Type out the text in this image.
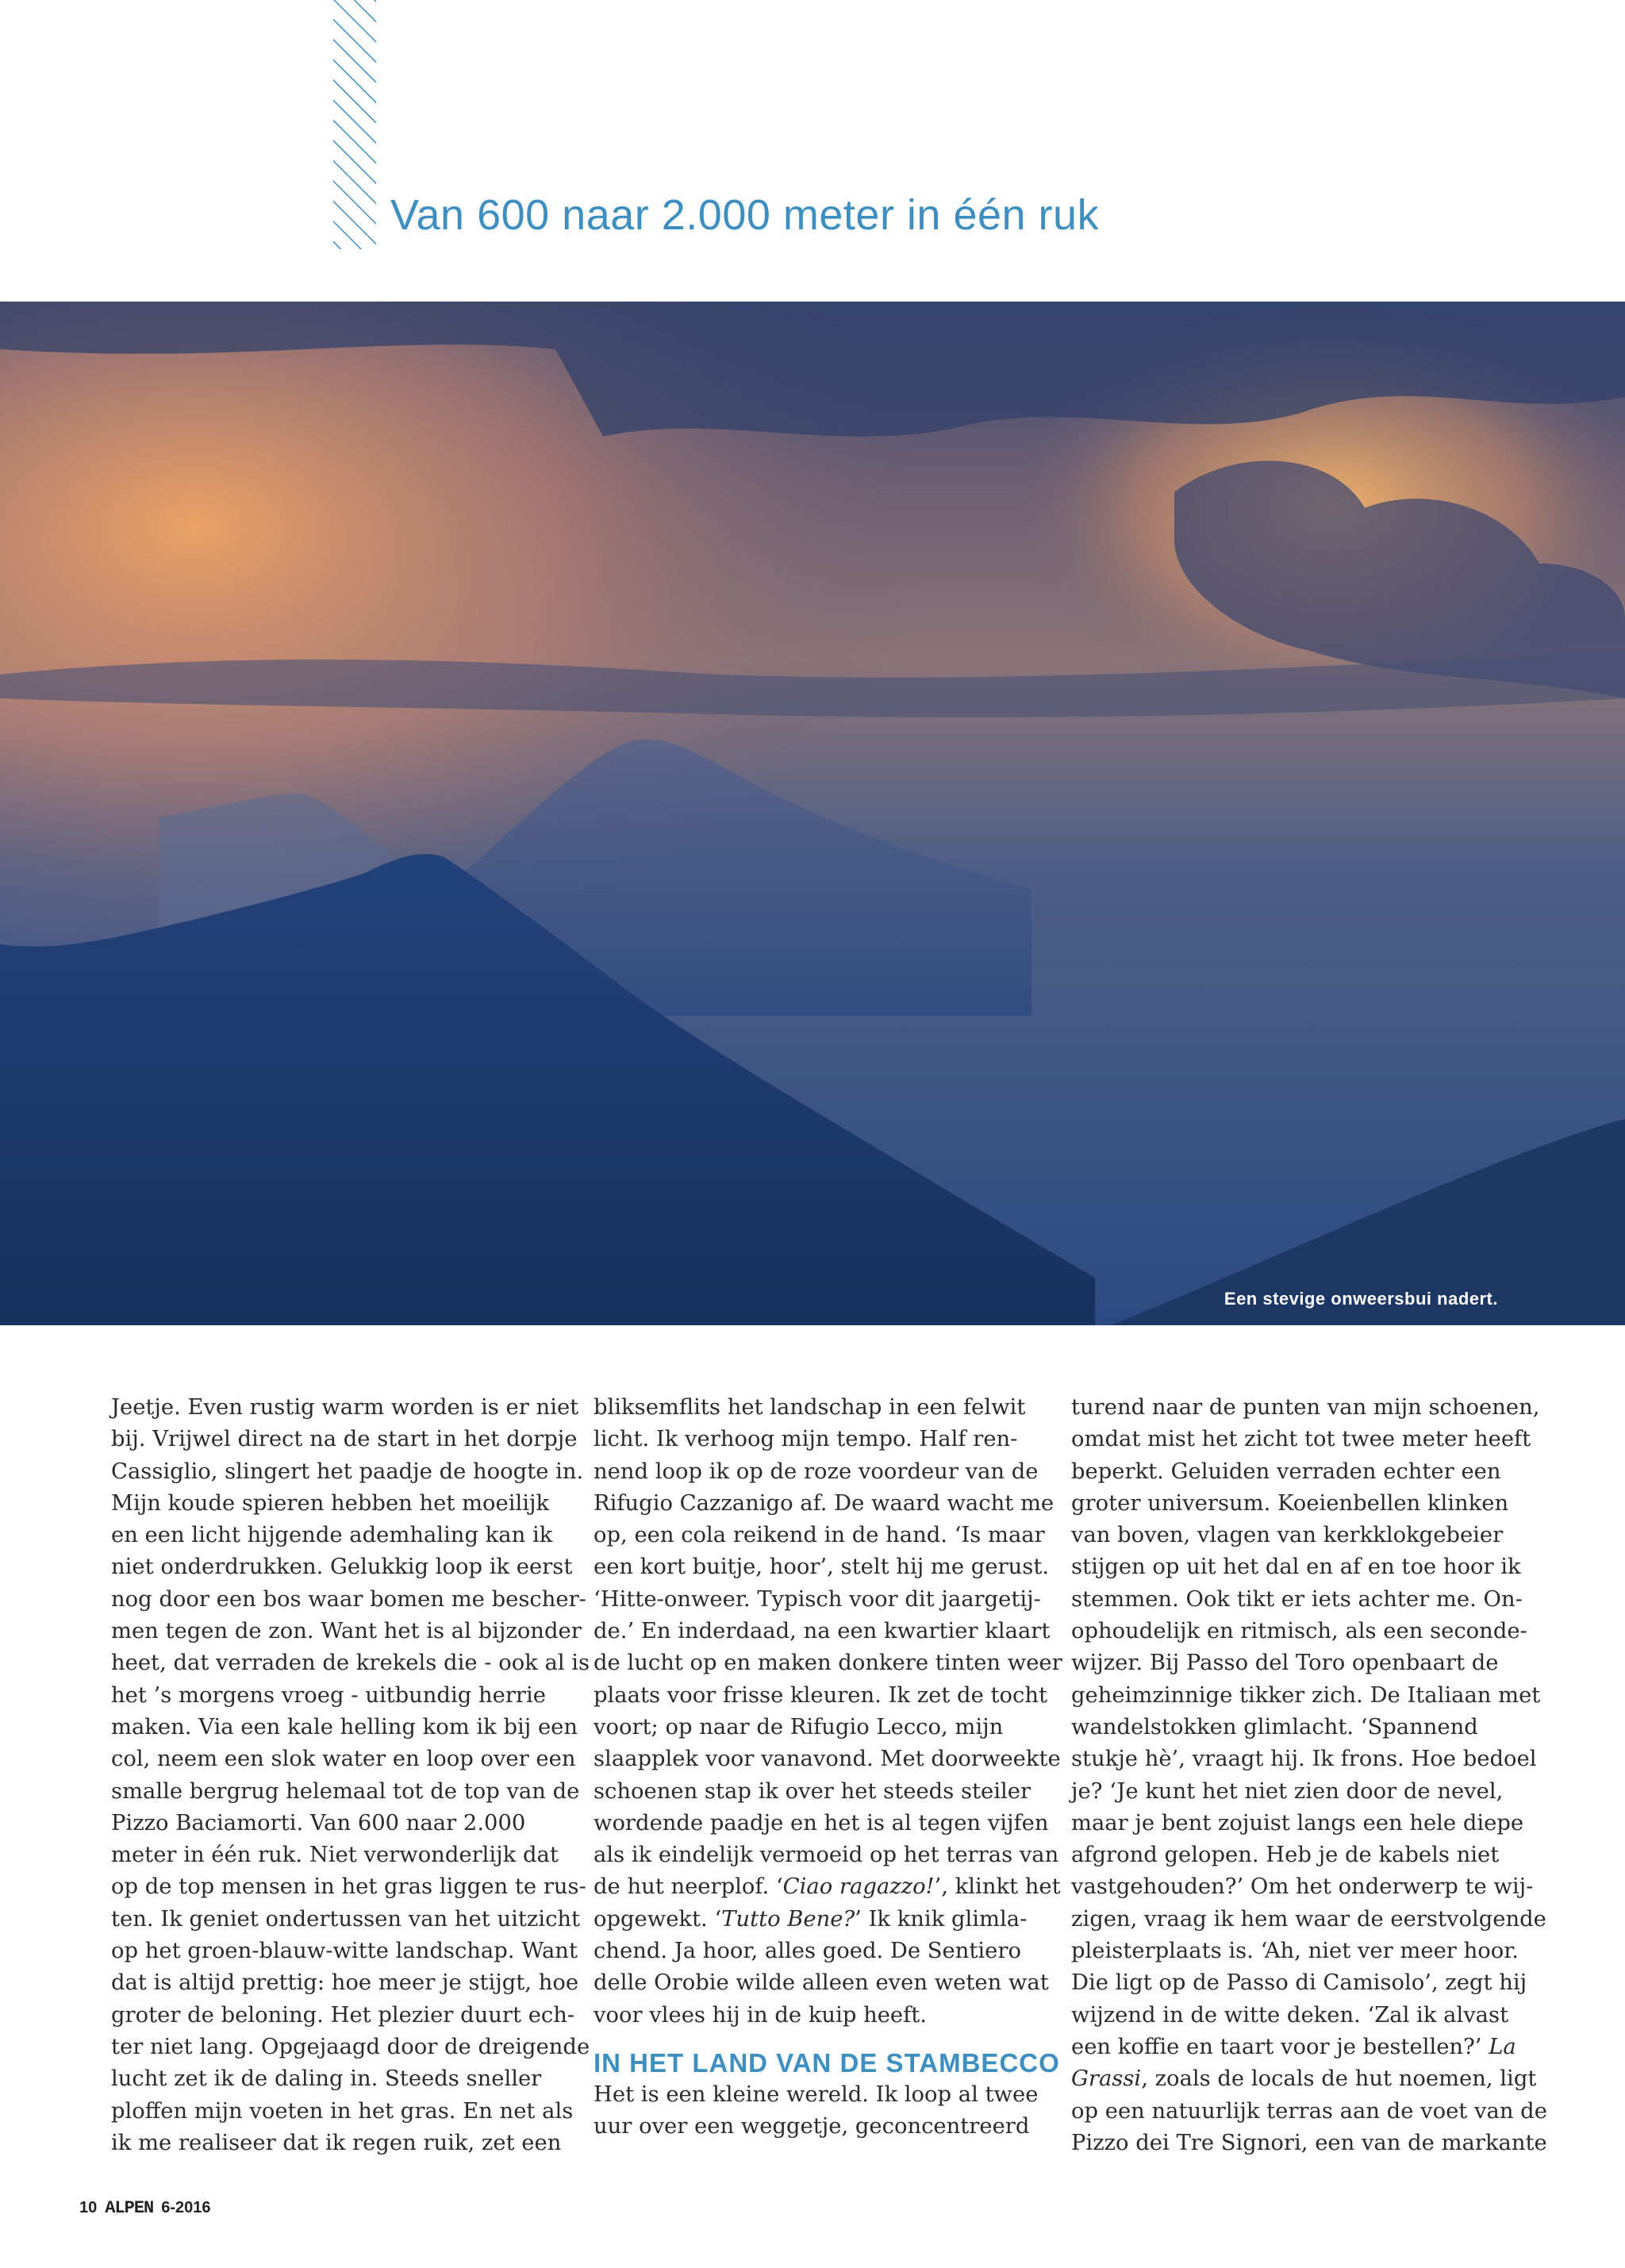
Van 600 naar 2.000 meter in één ruk
Een stevige onweersbui nadert.
Jeetje. Even rustig warm worden is er niet
bij. Vrijwel direct na de start in het dorpje
Cassiglio, slingert het paadje de hoogte in.
Mijn koude spieren hebben het moeilijk
en een licht hijgende ademhaling kan ik
niet onderdrukken. Gelukkig loop ik eerst
nog door een bos waar bomen me bescher-
men tegen de zon. Want het is al bijzonder
heet, dat verraden de krekels die - ook al is
het ’s morgens vroeg - uitbundig herrie
maken. Via een kale helling kom ik bij een
col, neem een slok water en loop over een
smalle bergrug helemaal tot de top van de
Pizzo Baciamorti. Van 600 naar 2.000
meter in één ruk. Niet verwonderlijk dat
op de top mensen in het gras liggen te rus-
ten. Ik geniet ondertussen van het uitzicht
op het groen-blauw-witte landschap. Want
dat is altijd prettig: hoe meer je stijgt, hoe
groter de beloning. Het plezier duurt ech-
ter niet lang. Opgejaagd door de dreigende
lucht zet ik de daling in. Steeds sneller
ploffen mijn voeten in het gras. En net als
ik me realiseer dat ik regen ruik, zet een
bliksemflits het landschap in een felwit
licht. Ik verhoog mijn tempo. Half ren-
nend loop ik op de roze voordeur van de
Rifugio Cazzanigo af. De waard wacht me
op, een cola reikend in de hand. ‘Is maar
een kort buitje, hoor’, stelt hij me gerust.
‘Hitte-onweer. Typisch voor dit jaargetij-
de.’ En inderdaad, na een kwartier klaart
de lucht op en maken donkere tinten weer
plaats voor frisse kleuren. Ik zet de tocht
voort; op naar de Rifugio Lecco, mijn
slaapplek voor vanavond. Met doorweekte
schoenen stap ik over het steeds steiler
wordende paadje en het is al tegen vijfen
als ik eindelijk vermoeid op het terras van
de hut neerplof. ‘Ciao ragazzo!’, klinkt het
opgewekt. ‘Tutto Bene?’ Ik knik glimla-
chend. Ja hoor, alles goed. De Sentiero
delle Orobie wilde alleen even weten wat
voor vlees hij in de kuip heeft.
IN HET LAND VAN DE STAMBECCO
Het is een kleine wereld. Ik loop al twee
uur over een weggetje, geconcentreerd
turend naar de punten van mijn schoenen,
omdat mist het zicht tot twee meter heeft
beperkt. Geluiden verraden echter een
groter universum. Koeienbellen klinken
van boven, vlagen van kerkklokgebeier
stijgen op uit het dal en af en toe hoor ik
stemmen. Ook tikt er iets achter me. On-
ophoudelijk en ritmisch, als een seconde-
wijzer. Bij Passo del Toro openbaart de
geheimzinnige tikker zich. De Italiaan met
wandelstokken glimlacht. ‘Spannend
stukje hè’, vraagt hij. Ik frons. Hoe bedoel
je? ‘Je kunt het niet zien door de nevel,
maar je bent zojuist langs een hele diepe
afgrond gelopen. Heb je de kabels niet
vastgehouden?’ Om het onderwerp te wij-
zigen, vraag ik hem waar de eerstvolgende
pleisterplaats is. ‘Ah, niet ver meer hoor.
Die ligt op de Passo di Camisolo’, zegt hij
wijzend in de witte deken. ‘Zal ik alvast
een koffie en taart voor je bestellen?’ La
Grassi, zoals de locals de hut noemen, ligt
op een natuurlijk terras aan de voet van de
Pizzo dei Tre Signori, een van de markante
10 ALPEN 6-2016
